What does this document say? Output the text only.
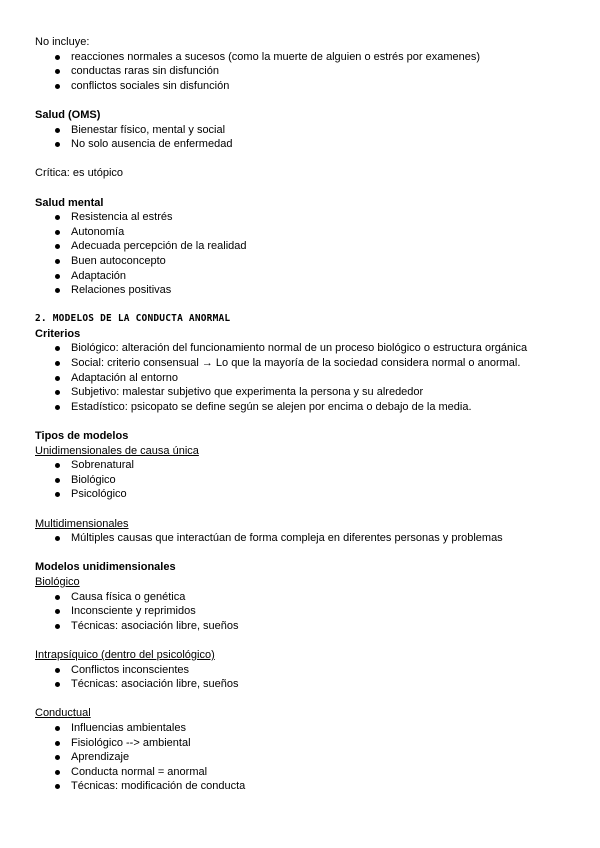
No incluye:
reacciones normales a sucesos (como la muerte de alguien o estrés por examenes)
conductas raras sin disfunción
conflictos sociales sin disfunción
Salud (OMS)
Bienestar físico, mental y social
No solo ausencia de enfermedad
Crítica: es utópico
Salud mental
Resistencia al estrés
Autonomía
Adecuada percepción de la realidad
Buen autoconcepto
Adaptación
Relaciones positivas
2. MODELOS DE LA CONDUCTA ANORMAL
Criterios
Biológico: alteración del funcionamiento normal de un proceso biológico o estructura orgánica
Social: criterio consensual → Lo que la mayoría de la sociedad considera normal o anormal.
Adaptación al entorno
Subjetivo: malestar subjetivo que experimenta la persona y su alrededor
Estadístico: psicopato se define según se alejen por encima o debajo de la media.
Tipos de modelos
Unidimensionales de causa única
Sobrenatural
Biológico
Psicológico
Multidimensionales
Múltiples causas que interactúan de forma compleja en diferentes personas y problemas
Modelos unidimensionales
Biológico
Causa física o genética
Inconsciente y reprimidos
Técnicas: asociación libre, sueños
Intrapsíquico (dentro del psicológico)
Conflictos inconscientes
Técnicas: asociación libre, sueños
Conductual
Influencias ambientales
Fisiológico --> ambiental
Aprendizaje
Conducta normal = anormal
Técnicas: modificación de conducta
